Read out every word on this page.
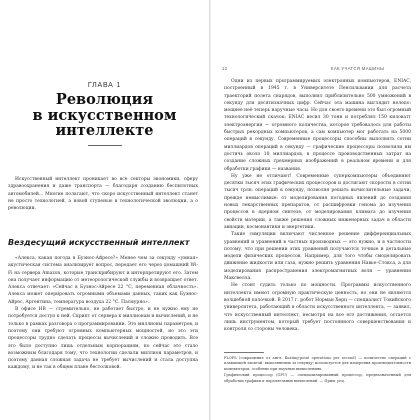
ГЛАВА 1
Революция
в искусственном
интеллекте

Искусственный интеллект проникает во все секторы экономики, сферу здравоохранения и даже транспорта — благодаря созданию беспилотных автомобилей... Многие полагают, что скоро искусственный интеллект станет не просто технологией, а новой ступенью в технологической эволюции, а о революции.

Вездесущий искусственный интеллект

«Алекса, какая погода в Буэнос-Айресе?» Менее чем за секунду «умная» акустическая система анализирует вопрос, передает его через домашний Wi-Fi на сервера Amazon, которые транскрибируют и интерпретируют его. Затем она получает информацию от метеорологической службы и возвращает ответ. Алекса отвечает: «Сейчас в Буэнос-Айресе 22 °C, переменная облачность». Алекса может оперировать огромными объемами данных, таких как Буэнос-Айрес, Аргентина, температура воздуха 22 °С. Пасмурно».

В офисе НВ — стремительно, не работает быстро, и не нужно ему не потребуется доступ к ней. Скрипт от сервера к миллионам и вычислений, и не только в рамках разговора о программировании. Это миллионы параметров, и поэтому они требуют огромных компьютерных мощностей, но это эти процессоры трудно сделать процессы вычислений и сложно проводить. Все это было доступно лишь отдельным корпорациям, но сейчас это стало возможным благодаря тому, что технологии сделали миллион параметров, и поэтому данная сложная задача не требует вычислений и стала доступна каждому, и не так в общем плане бестолковой.

12	КАК УЧАТСЯ МАШИНЫ

Одни из первых программируемых электронных компьютеров, ENIAC, построенный в 1945 г. в Университете Пенсильвании для расчета траекторий полета снарядов, выполнял приблизительно 500 умножений в секунду для десятизначных цифр. Сейчас эта машина выглядит нелепо: мощнее неё теперь наручные часы. Но для своего времени это был огромный технологический скачок: ENIAC весил 30 тонн и потреблял 150 киловатт электроэнергии — огромного количества, которое требовалось для работы быстрых рекордных компьютеров, а сам компьютер мог работать на 5000 операций в секунду. Современные процессоры способны выполнять сотни миллиардов операций в секунду — графические процессоры позволили им достичь около 10 миллиардов, в процессе производственных затрат на создание сложных трехмерных изображений в реальном времени и для обработки графики — названия.

Ну уже не отличают! Современные суперкомпьютеры объединяют десятки тысяч этих графических процессоров и достигают скорости в сотни тысяч трлн. операций в секунду, позволяя решать вычислительные задачи, прежде немыслимые: от моделирования погодных явлений до создания новых лекарственных препаратов, от расшифровки генома до изучения процессов в ядерном синтезе, от моделирования климата до изучения свойств материи, а также решения сложных инженерных задач в области авиации, космонавтики и энергетики.

Такие симуляции включают численное решение дифференциальных уравнений и уравнений в частных производных — это нужно, и в частности потому, что при решении этих уравнений получаются точные и детальные модели физических процессов. Например, для того чтобы смоделировать движение жидкости или газа, нужно решить уравнения Навье–Стокса, а для моделирования распространения электромагнитных волн — уравнения Максвелла.

Не стоит судить только по мощности. Программы искусственного интеллекта имеют огромную практическую ценность, но они не являются волшебной палочкой. В 2017 г. робот Норман Херц — специалист Токийского университета, работающий в области искусственного интеллекта, — заявил, что искусственный интеллект, несмотря на все его достижения, остается лишь инструментом, который требует постоянного совершенствования и контроля со стороны человека.

FLOPS (сокращение от англ. floating-point operations per second) — количество операций с плавающей запятой, выполняемых за секунду; используется для измерения производительности компьютеров, особенно при научных вычислениях.

Графический процессор (GPU) — специализированный процессор, предназначенный для обработки графики и параллельных вычислений. — Прим. ред.
